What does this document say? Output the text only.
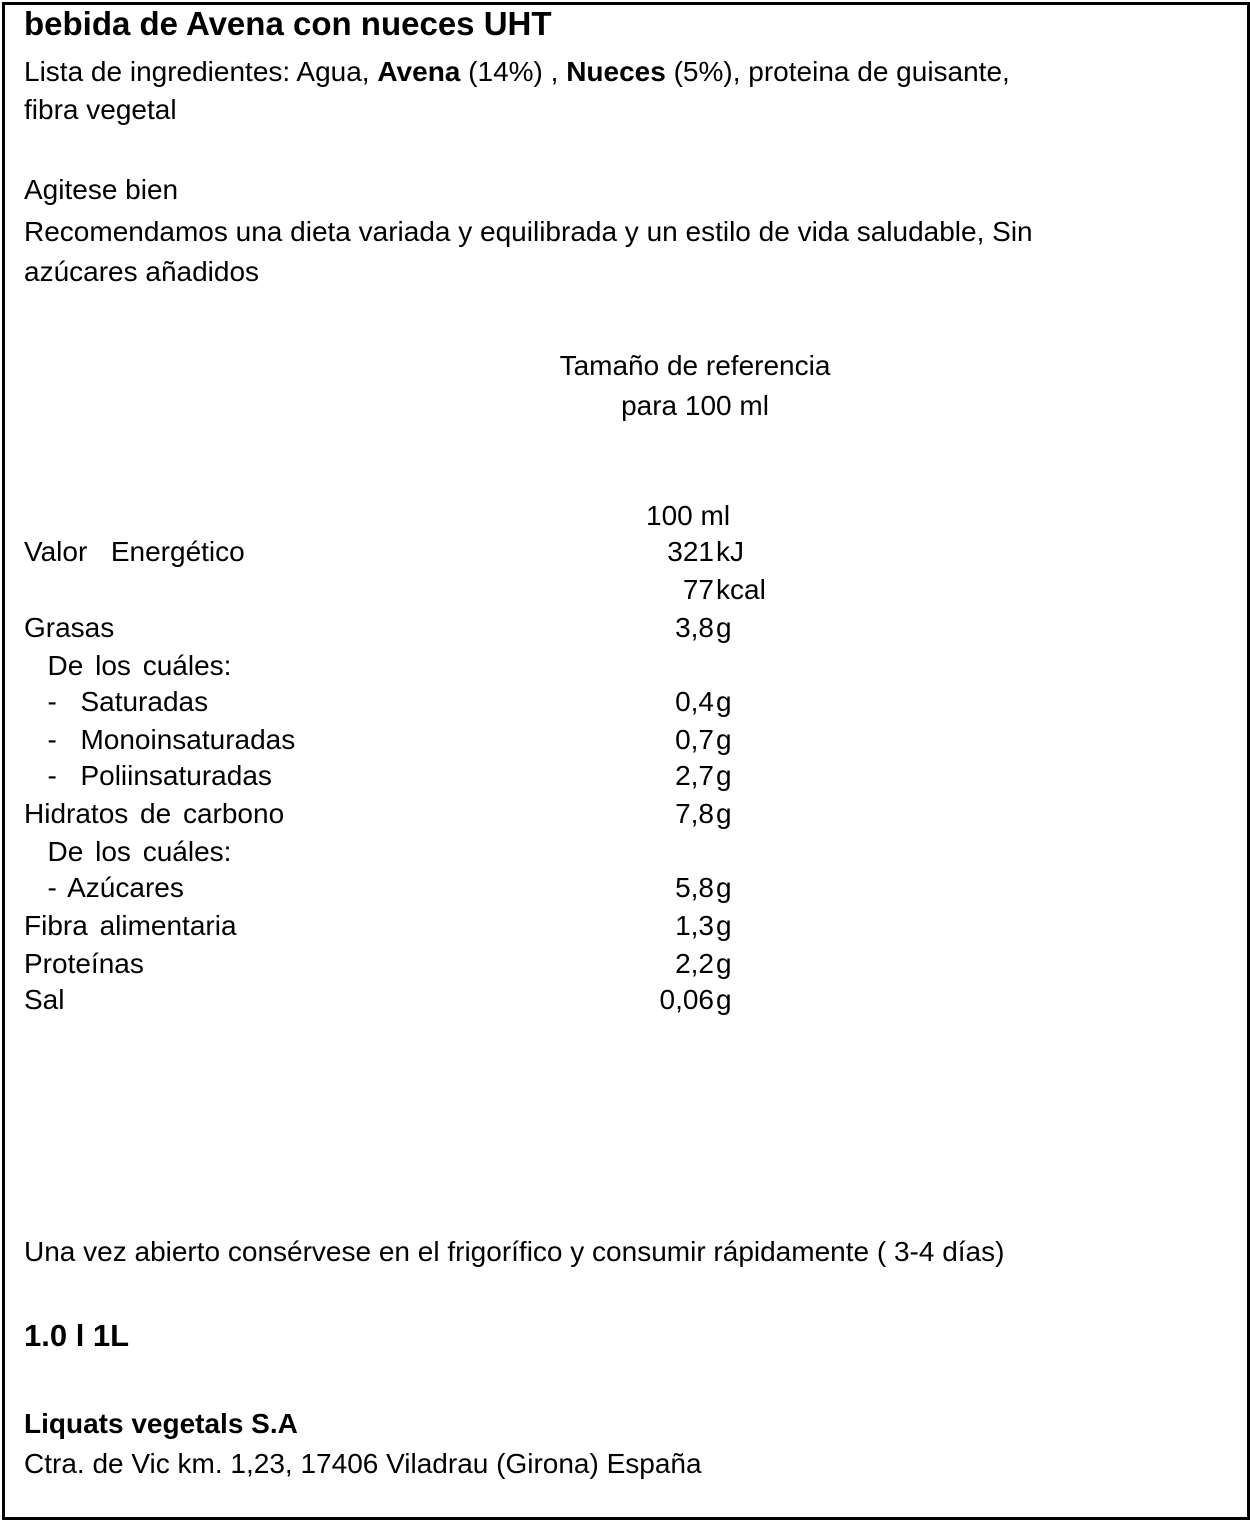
bebida de Avena con nueces UHT
Lista de ingredientes: Agua, Avena (14%) , Nueces (5%), proteina de guisante,
fibra vegetal
Agitese bien
Recomendamos una dieta variada y equilibrada y un estilo de vida saludable, Sin
azúcares añadidos
Tamaño de referencia
para 100 ml
100 ml
Valor  Energético	321 kJ
77 kcal
Grasas	3,8 g
De los cuáles:
-  Saturadas	0,4 g
-  Monoinsaturadas	0,7 g
-  Poliinsaturadas	2,7 g
Hidratos de carbono	7,8 g
De los cuáles:
- Azúcares	5,8 g
Fibra alimentaria	1,3 g
Proteínas	2,2 g
Sal	0,06 g
Una vez abierto consérvese en el frigorífico y consumir rápidamente ( 3-4 días)
1.0 l 1L
Liquats vegetals S.A
Ctra. de Vic km. 1,23, 17406 Viladrau (Girona) España
